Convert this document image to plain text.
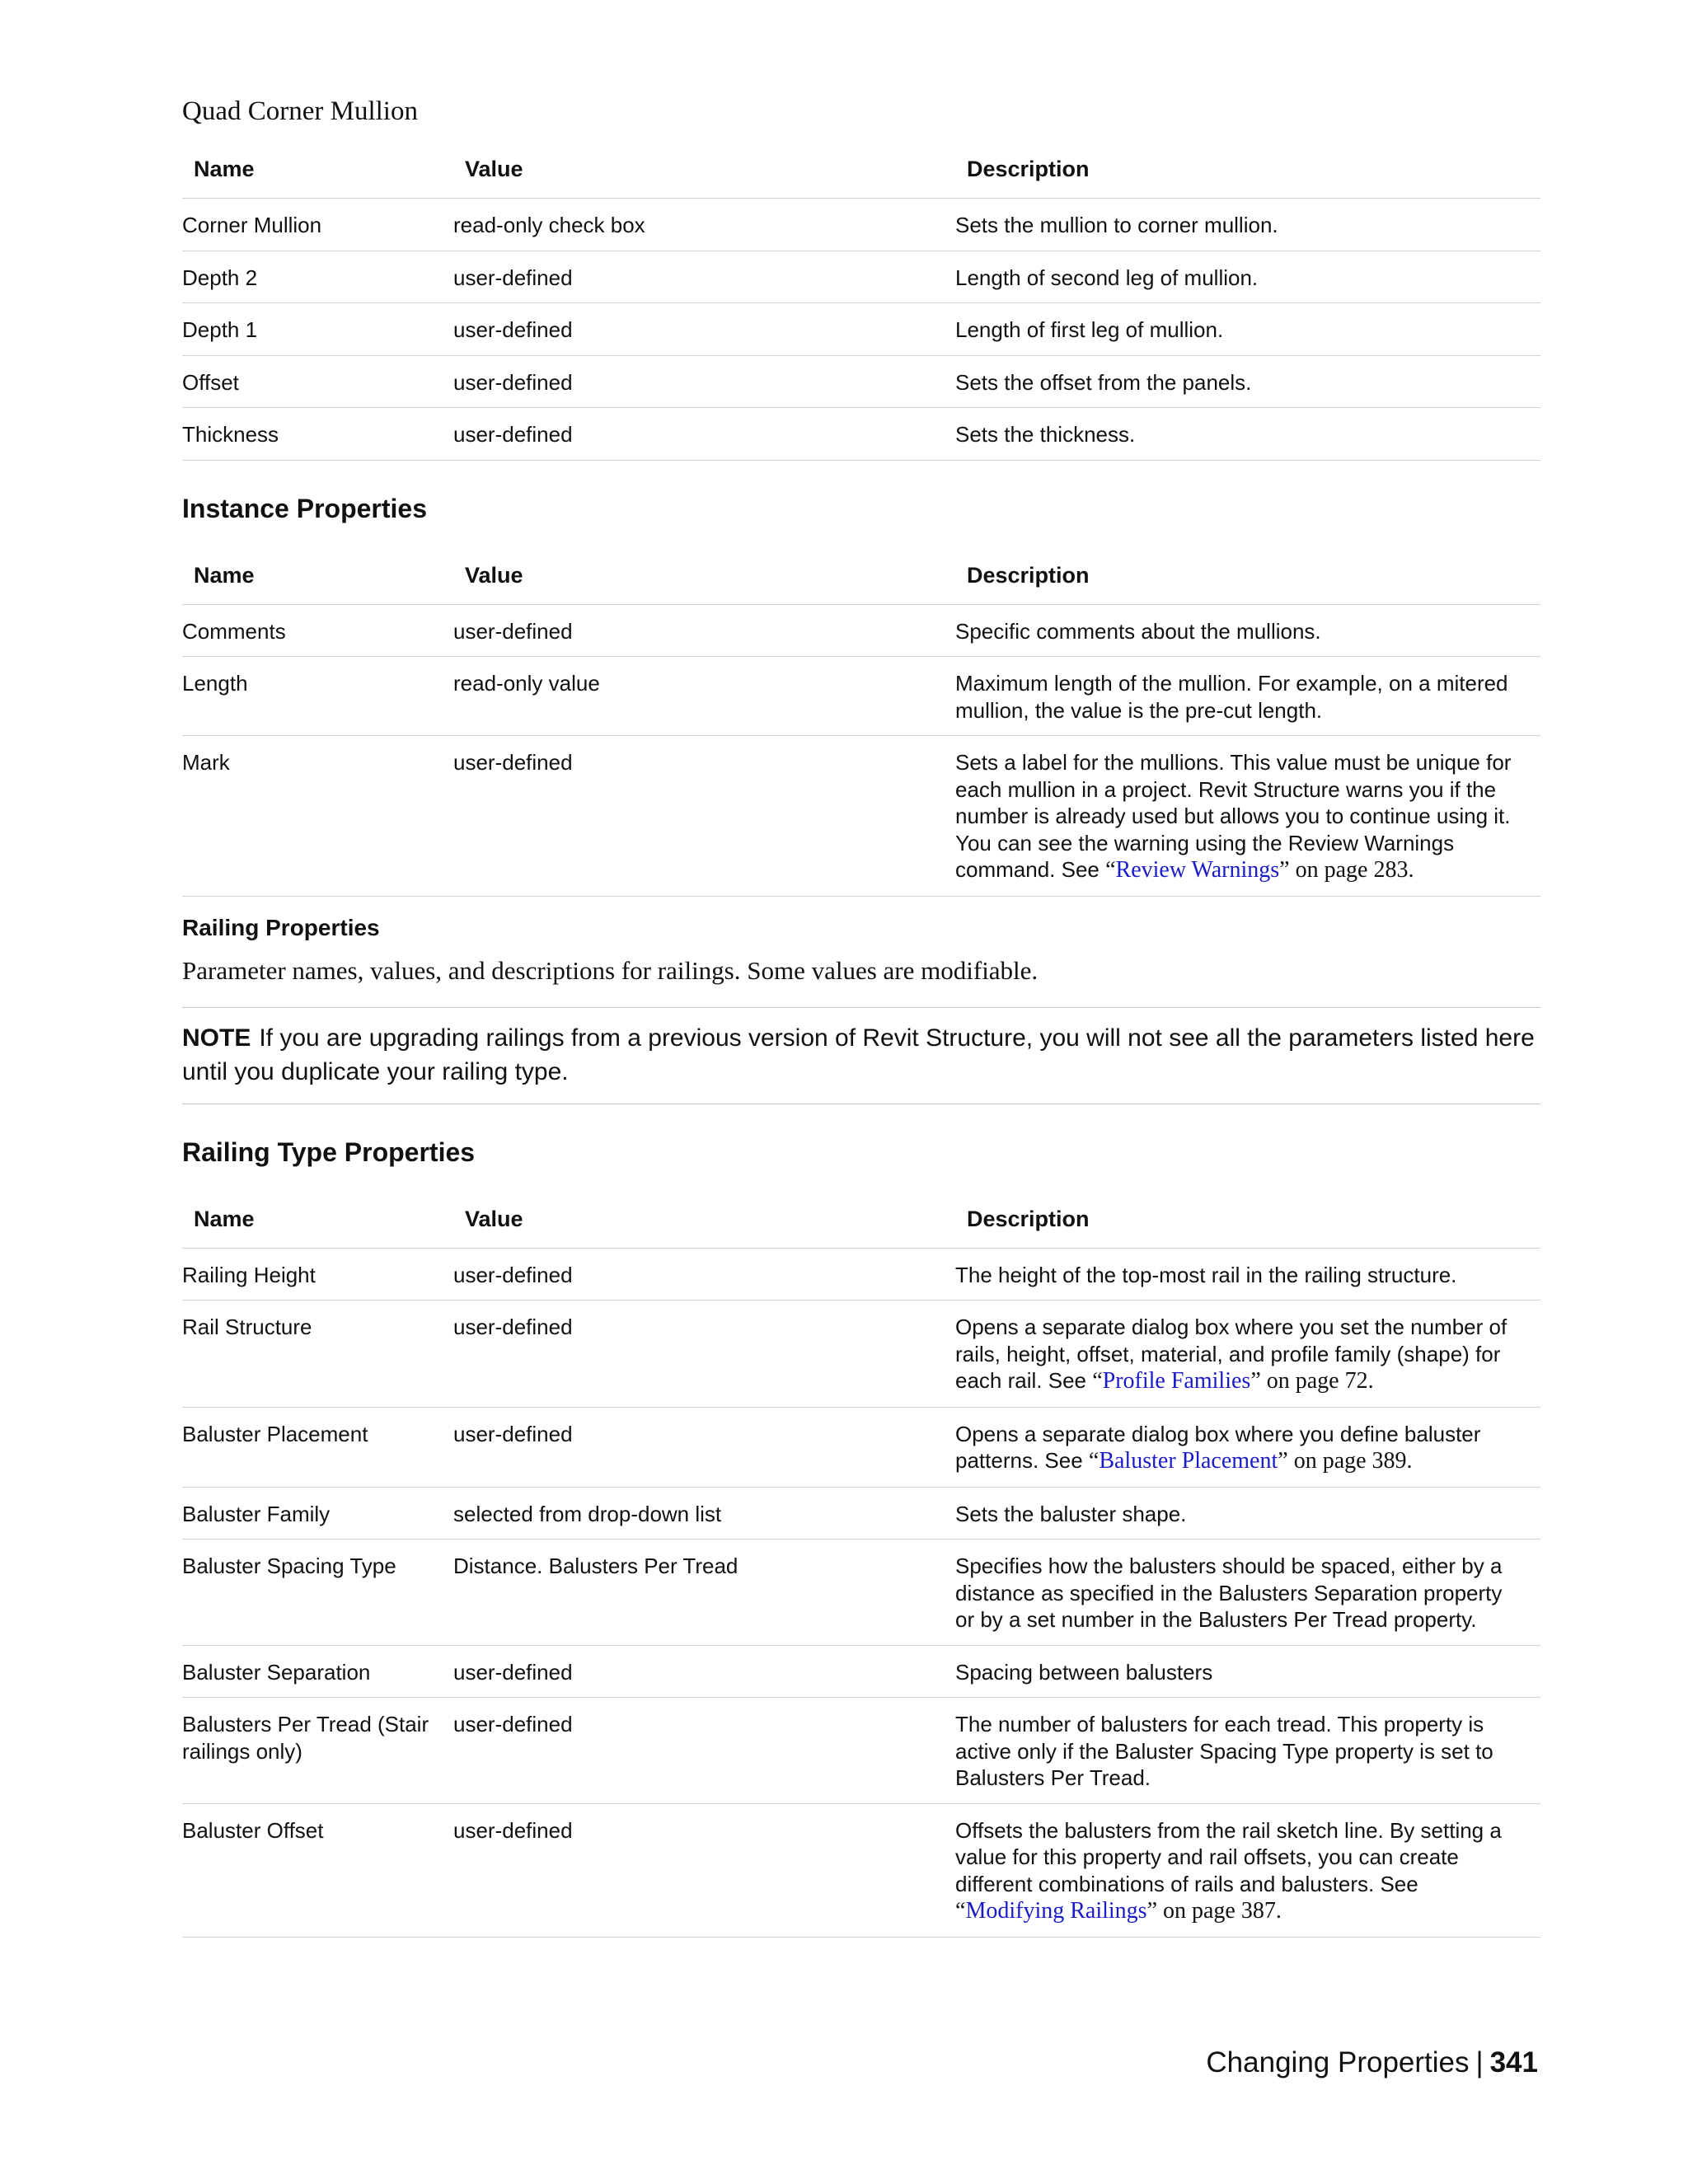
Quad Corner Mullion
Name	Value	Description
Corner Mullion	read-only check box	Sets the mullion to corner mullion.
Depth 2	user-defined	Length of second leg of mullion.
Depth 1	user-defined	Length of first leg of mullion.
Offset	user-defined	Sets the offset from the panels.
Thickness	user-defined	Sets the thickness.
Instance Properties
Name	Value	Description
Comments	user-defined	Specific comments about the mullions.
Length	read-only value	Maximum length of the mullion. For example, on a mitered mullion, the value is the pre-cut length.
Mark	user-defined	Sets a label for the mullions. This value must be unique for each mullion in a project. Revit Structure warns you if the number is already used but allows you to continue using it. You can see the warning using the Review Warnings command. See “Review Warnings” on page 283.
Railing Properties

Parameter names, values, and descriptions for railings. Some values are modifiable.

NOTE If you are upgrading railings from a previous version of Revit Structure, you will not see all the parameters listed here until you duplicate your railing type.
Railing Type Properties
Name	Value	Description
Railing Height	user-defined	The height of the top-most rail in the railing structure.
Rail Structure	user-defined	Opens a separate dialog box where you set the number of rails, height, offset, material, and profile family (shape) for each rail. See “Profile Families” on page 72.
Baluster Placement	user-defined	Opens a separate dialog box where you define baluster patterns. See “Baluster Placement” on page 389.
Baluster Family	selected from drop-down list	Sets the baluster shape.
Baluster Spacing Type	Distance. Balusters Per Tread	Specifies how the balusters should be spaced, either by a distance as specified in the Balusters Separation property or by a set number in the Balusters Per Tread property.
Baluster Separation	user-defined	Spacing between balusters
Balusters Per Tread (Stair railings only)	user-defined	The number of balusters for each tread. This property is active only if the Baluster Spacing Type property is set to Balusters Per Tread.
Baluster Offset	user-defined	Offsets the balusters from the rail sketch line. By setting a value for this property and rail offsets, you can create different combinations of rails and balusters. See “Modifying Railings” on page 387.
Changing Properties | 341
